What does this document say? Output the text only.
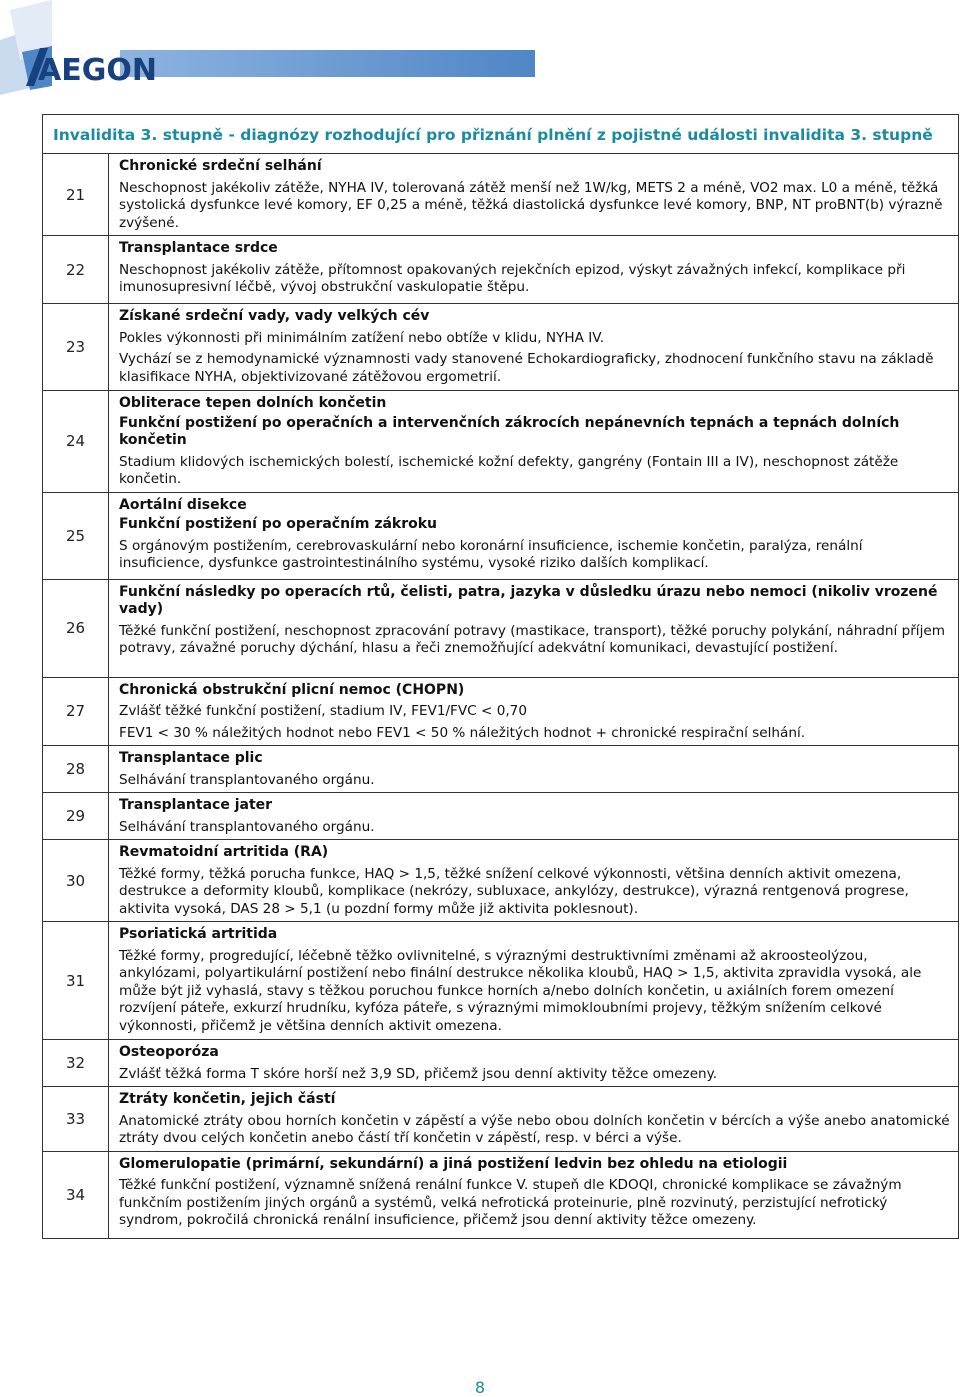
AEGON
Invalidita 3. stupně - diagnózy rozhodující pro přiznání plnění z pojistné události invalidita 3. stupně	
21	Chronické srdeční selhání
Neschopnost jakékoliv zátěže, NYHA IV, tolerovaná zátěž menší než 1W/kg, METS 2 a méně, VO2 max. L0 a méně, těžká systolická dysfunkce levé komory, EF 0,25 a méně, těžká diastolická dysfunkce levé komory, BNP, NT proBNT(b) výrazně zvýšené.

22	Transplantace srdce
Neschopnost jakékoliv zátěže, přítomnost opakovaných rejekčních epizod, výskyt závažných infekcí, komplikace při imunosupresivní léčbě, vývoj obstrukční vaskulopatie štěpu.

23	Získané srdeční vady, vady velkých cév
Pokles výkonnosti při minimálním zatížení nebo obtíže v klidu, NYHA IV.
Vychází se z hemodynamické významnosti vady stanovené Echokardiograficky, zhodnocení funkčního stavu na základě klasifikace NYHA, objektivizované zátěžovou ergometrií.

24	Obliterace tepen dolních končetin
Funkční postižení po operačních a intervenčních zákrocích nepánevních tepnách a tepnách dolních končetin
Stadium klidových ischemických bolestí, ischemické kožní defekty, gangrény (Fontain III a IV), neschopnost zátěže končetin.

25	Aortální disekce
Funkční postižení po operačním zákroku
S orgánovým postižením, cerebrovaskulární nebo koronární insuficience, ischemie končetin, paralýza, renální insuficience, dysfunkce gastrointestinálního systému, vysoké riziko dalších komplikací.

26	Funkční následky po operacích rtů, čelisti, patra, jazyka v důsledku úrazu nebo nemoci (nikoliv vrozené vady)
Těžké funkční postižení, neschopnost zpracování potravy (mastikace, transport), těžké poruchy polykání, náhradní příjem potravy, závažné poruchy dýchání, hlasu a řeči znemožňující adekvátní komunikaci, devastující postižení.

27	Chronická obstrukční plicní nemoc (CHOPN)
Zvlášť těžké funkční postižení, stadium IV, FEV1/FVC < 0,70
FEV1 < 30 % náležitých hodnot nebo FEV1 < 50 % náležitých hodnot + chronické respirační selhání.

28	Transplantace plic
Selhávání transplantovaného orgánu.

29	Transplantace jater
Selhávání transplantovaného orgánu.

30	Revmatoidní artritida (RA)
Těžké formy, těžká porucha funkce, HAQ > 1,5, těžké snížení celkové výkonnosti, většina denních aktivit omezena, destrukce a deformity kloubů, komplikace (nekrózy, subluxace, ankylózy, destrukce), výrazná rentgenová progrese, aktivita vysoká, DAS 28 > 5,1 (u pozdní formy může již aktivita poklesnout).

31	Psoriatická artritida
Těžké formy, progredující, léčebně těžko ovlivnitelné, s výraznými destruktivními změnami až akroosteolýzou, ankylózami, polyartikulární postižení nebo finální destrukce několika kloubů, HAQ > 1,5, aktivita zpravidla vysoká, ale může být již vyhaslá, stavy s těžkou poruchou funkce horních a/nebo dolních končetin, u axiálních forem omezení rozvíjení páteře, exkurzí hrudníku, kyfóza páteře, s výraznými mimokloubními projevy, těžkým snížením celkové výkonnosti, přičemž je většina denních aktivit omezena.

32	Osteoporóza
Zvlášť těžká forma T skóre horší než 3,9 SD, přičemž jsou denní aktivity těžce omezeny.

33	Ztráty končetin, jejich částí
Anatomické ztráty obou horních končetin v zápěstí a výše nebo obou dolních končetin v bércích a výše anebo anatomické ztráty dvou celých končetin anebo částí tří končetin v zápěstí, resp. v bérci a výše.

34	Glomerulopatie (primární, sekundární) a jiná postižení ledvin bez ohledu na etiologii
Těžké funkční postižení, významně snížená renální funkce V. stupeň dle KDOQI, chronické komplikace se závažným funkčním postižením jiných orgánů a systémů, velká nefrotická proteinurie, plně rozvinutý, perzistující nefrotický syndrom, pokročilá chronická renální insuficience, přičemž jsou denní aktivity těžce omezeny.
8
